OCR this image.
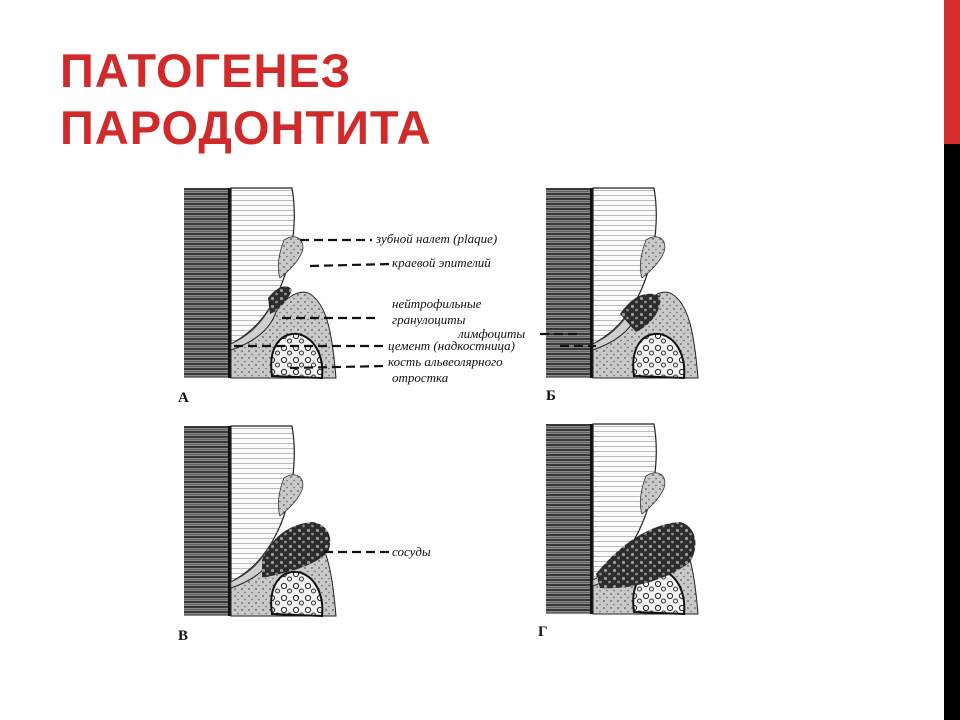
ПАТОГЕНЕЗ
ПАРОДОНТИТА
А	Б
В	Г
зубной налет (plaque)
краевой эпителий
нейтрофильные
гранулоциты
лимфоциты
цемент (надкостница)
кость альвеолярного
отростка
сосуды
